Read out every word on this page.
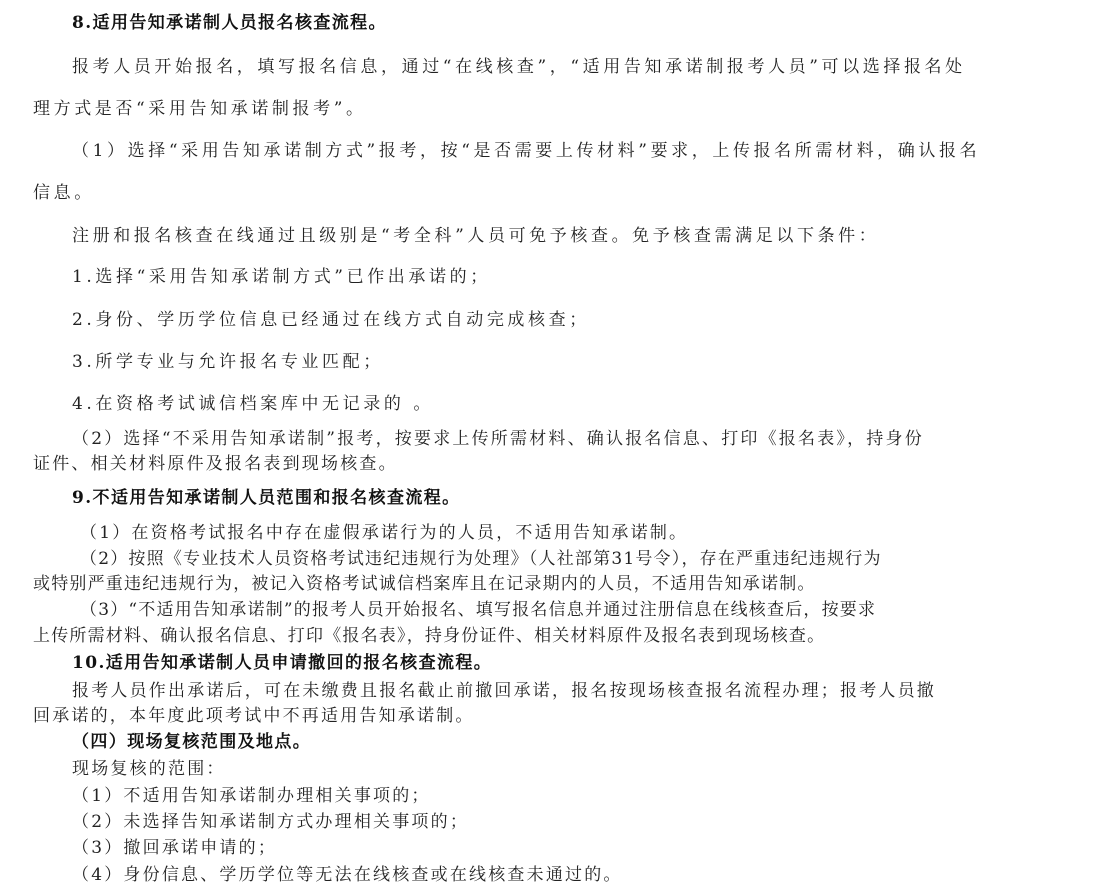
8.适用告知承诺制人员报名核查流程。
报考人员开始报名，填写报名信息，通过“在线核查”，“适用告知承诺制报考人员”可以选择报名处
理方式是否“采用告知承诺制报考”。
（1）选择“采用告知承诺制方式”报考，按“是否需要上传材料”要求，上传报名所需材料，确认报名
信息。
注册和报名核查在线通过且级别是“考全科”人员可免予核查。免予核查需满足以下条件：
1.选择“采用告知承诺制方式”已作出承诺的；
2.身份、学历学位信息已经通过在线方式自动完成核查；
3.所学专业与允许报名专业匹配；
4.在资格考试诚信档案库中无记录的 。
（2）选择“不采用告知承诺制”报考，按要求上传所需材料、确认报名信息、打印《报名表》，持身份
证件、相关材料原件及报名表到现场核查。
9.不适用告知承诺制人员范围和报名核查流程。
（1）在资格考试报名中存在虚假承诺行为的人员，不适用告知承诺制。
（2）按照《专业技术人员资格考试违纪违规行为处理》（人社部第31号令），存在严重违纪违规行为
或特别严重违纪违规行为，被记入资格考试诚信档案库且在记录期内的人员，不适用告知承诺制。
（3）“不适用告知承诺制”的报考人员开始报名、填写报名信息并通过注册信息在线核查后，按要求
上传所需材料、确认报名信息、打印《报名表》，持身份证件、相关材料原件及报名表到现场核查。
10.适用告知承诺制人员申请撤回的报名核查流程。
报考人员作出承诺后，可在未缴费且报名截止前撤回承诺，报名按现场核查报名流程办理；报考人员撤
回承诺的，本年度此项考试中不再适用告知承诺制。
（四）现场复核范围及地点。
现场复核的范围：
（1）不适用告知承诺制办理相关事项的；
（2）未选择告知承诺制方式办理相关事项的；
（3）撤回承诺申请的；
（4）身份信息、学历学位等无法在线核查或在线核查未通过的。
